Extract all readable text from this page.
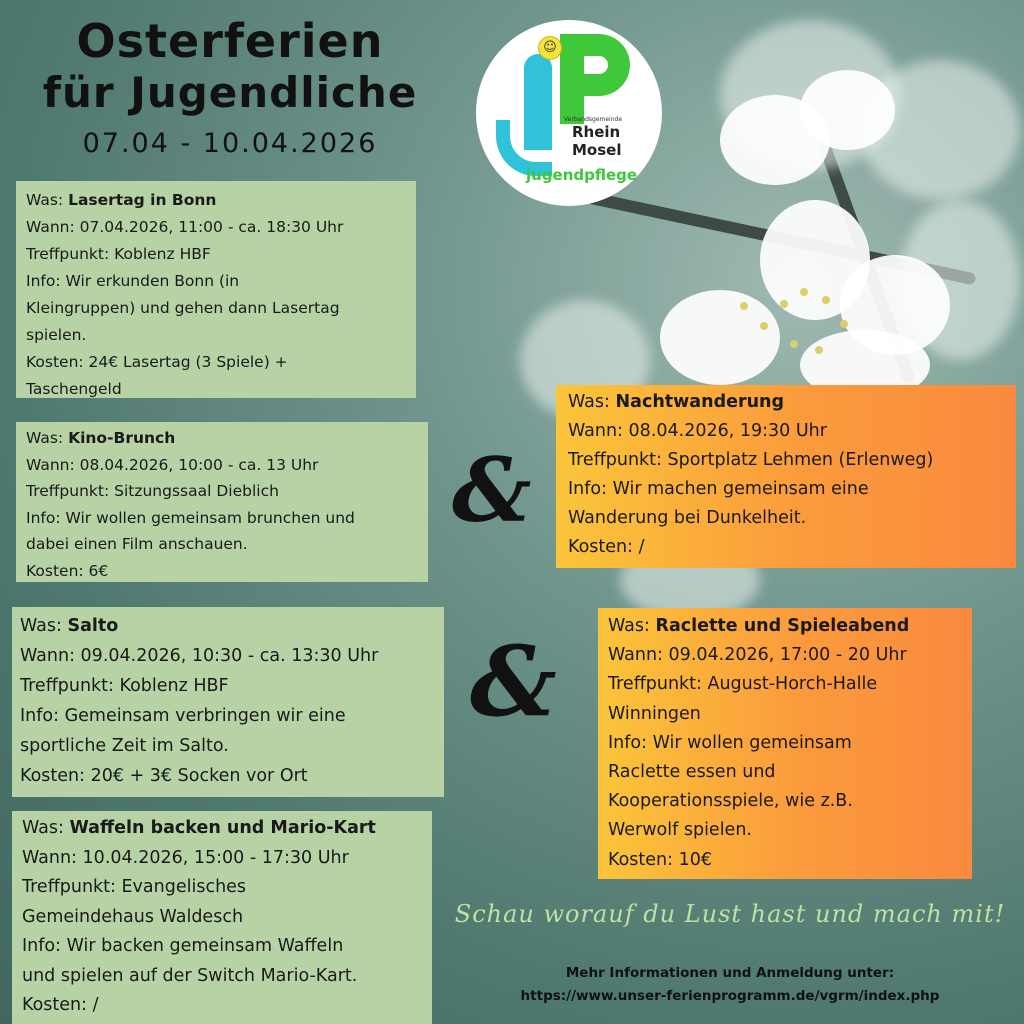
Osterferien
für Jugendliche
07.04 - 10.04.2026
☺
Verbandsgemeinde
Rhein
Mosel
jugendpflege
Was: Lasertag in Bonn
Wann: 07.04.2026, 11:00 - ca. 18:30 Uhr
Treffpunkt: Koblenz HBF
Info: Wir erkunden Bonn (in
Kleingruppen) und gehen dann Lasertag
spielen.
Kosten: 24€ Lasertag (3 Spiele) +
Taschengeld
Was: Kino-Brunch
Wann: 08.04.2026, 10:00 - ca. 13 Uhr
Treffpunkt: Sitzungssaal Dieblich
Info: Wir wollen gemeinsam brunchen und
dabei einen Film anschauen.
Kosten: 6€
Was: Salto
Wann: 09.04.2026, 10:30 - ca. 13:30 Uhr
Treffpunkt: Koblenz HBF
Info: Gemeinsam verbringen wir eine
sportliche Zeit im Salto.
Kosten: 20€ + 3€ Socken vor Ort
Was: Waffeln backen und Mario-Kart
Wann: 10.04.2026, 15:00 - 17:30 Uhr
Treffpunkt: Evangelisches
Gemeindehaus Waldesch
Info: Wir backen gemeinsam Waffeln
und spielen auf der Switch Mario-Kart.
Kosten: /
Was: Nachtwanderung
Wann: 08.04.2026, 19:30 Uhr
Treffpunkt: Sportplatz Lehmen (Erlenweg)
Info: Wir machen gemeinsam eine
Wanderung bei Dunkelheit.
Kosten: /
Was: Raclette und Spieleabend
Wann: 09.04.2026, 17:00 - 20 Uhr
Treffpunkt: August-Horch-Halle
Winningen
Info: Wir wollen gemeinsam
Raclette essen und
Kooperationsspiele, wie z.B.
Werwolf spielen.
Kosten: 10€
&
&
Schau worauf du Lust hast und mach mit!
Mehr Informationen und Anmeldung unter:
https://www.unser-ferienprogramm.de/vgrm/index.php
